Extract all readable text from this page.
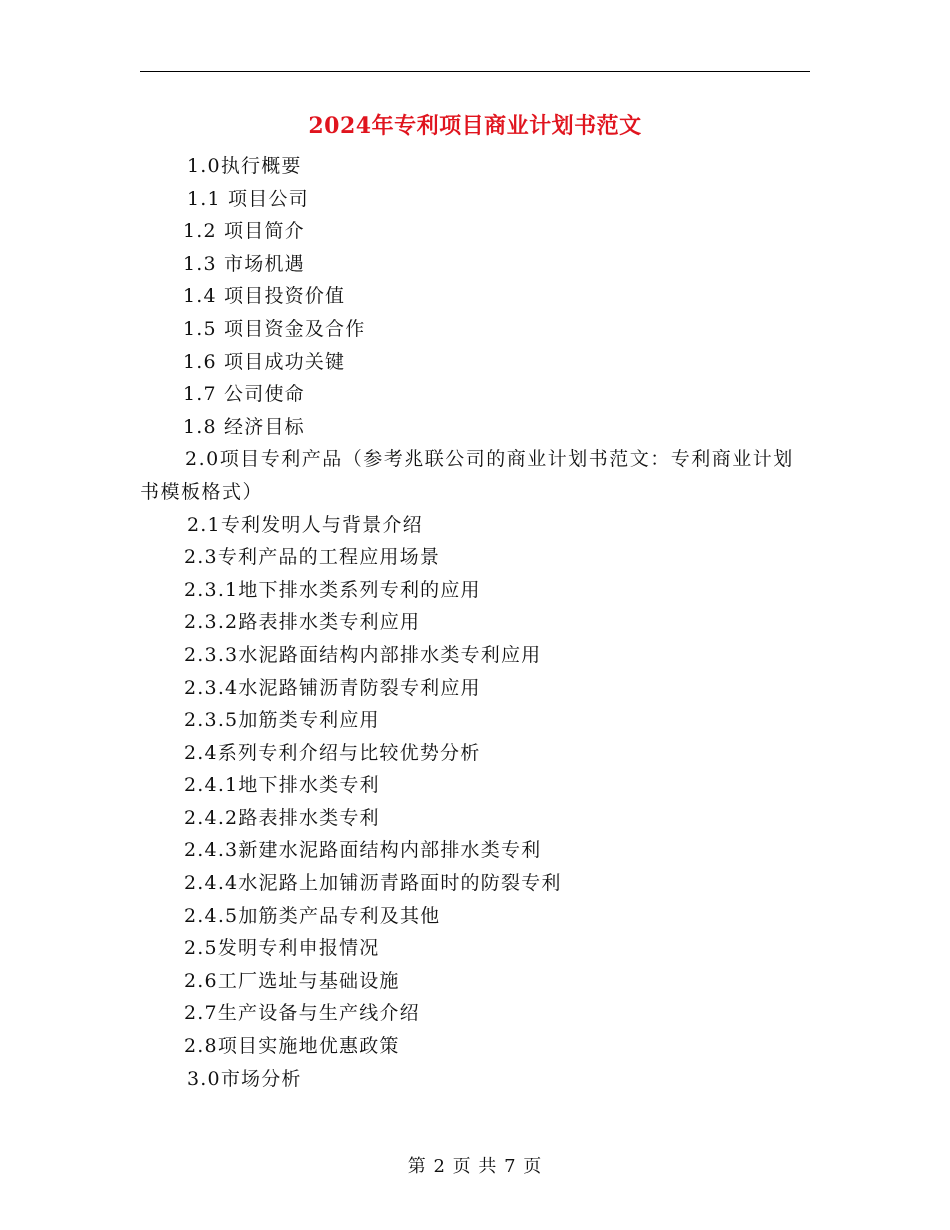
2024年专利项目商业计划书范文
1.0执行概要
1.1 项目公司
1.2 项目简介
1.3 市场机遇
1.4 项目投资价值
1.5 项目资金及合作
1.6 项目成功关键
1.7 公司使命
1.8 经济目标
2.0项目专利产品（参考兆联公司的商业计划书范文：专利商业计划书模板格式）
2.1专利发明人与背景介绍
2.3专利产品的工程应用场景
2.3.1地下排水类系列专利的应用
2.3.2路表排水类专利应用
2.3.3水泥路面结构内部排水类专利应用
2.3.4水泥路铺沥青防裂专利应用
2.3.5加筋类专利应用
2.4系列专利介绍与比较优势分析
2.4.1地下排水类专利
2.4.2路表排水类专利
2.4.3新建水泥路面结构内部排水类专利
2.4.4水泥路上加铺沥青路面时的防裂专利
2.4.5加筋类产品专利及其他
2.5发明专利申报情况
2.6工厂选址与基础设施
2.7生产设备与生产线介绍
2.8项目实施地优惠政策
3.0市场分析

第 2 页 共 7 页
